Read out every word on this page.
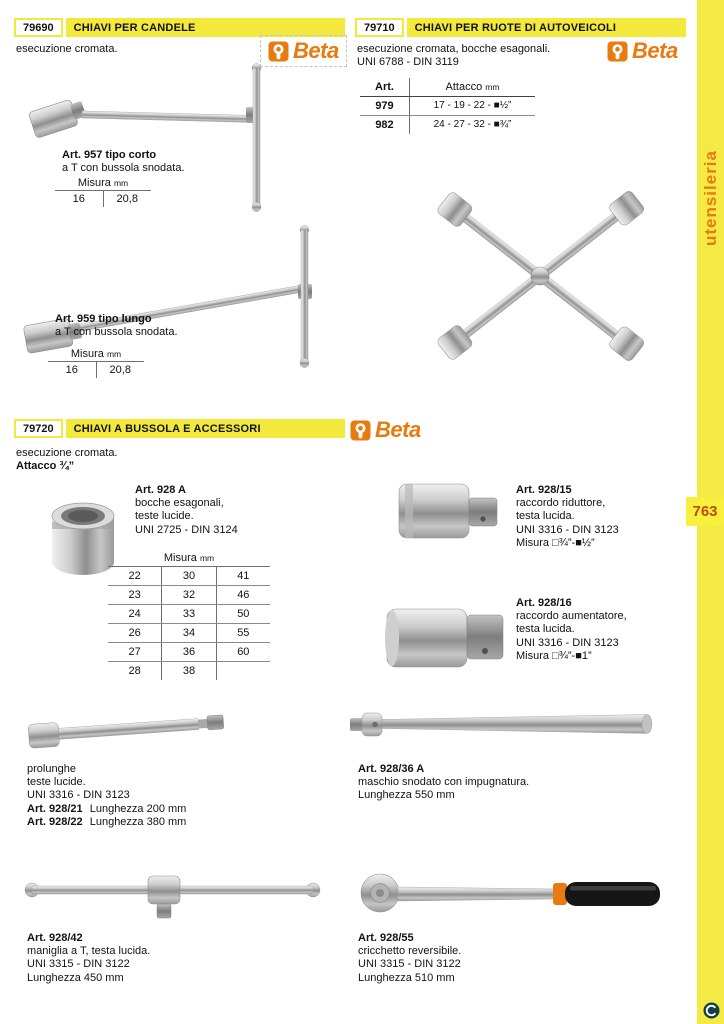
utensileria
763
79690	CHIAVI PER CANDELE
esecuzione cromata.	Beta
Art. 957 tipo corto
a T con bussola snodata.
Misura mm
16	20,8
Art. 959 tipo lungo
a T con bussola snodata.
Misura mm
16	20,8
79710	CHIAVI PER RUOTE DI AUTOVEICOLI
esecuzione cromata, bocche esagonali.
UNI 6788 - DIN 3119	Beta
Art.	Attacco mm
979	17 - 19 - 22 - ■½”
982	24 - 27 - 32 - ■¾”
79720	CHIAVI A BUSSOLA E ACCESSORI	Beta
esecuzione cromata.
Attacco ¾”
Art. 928 A
bocche esagonali,
teste lucide.
UNI 2725 - DIN 3124
Misura mm
22	30	41
23	32	46
24	33	50
26	34	55
27	36	60
28	38
Art. 928/15
raccordo riduttore,
testa lucida.
UNI 3316 - DIN 3123
Misura □¾”-■½”
Art. 928/16
raccordo aumentatore,
testa lucida.
UNI 3316 - DIN 3123
Misura □¾”-■1”
prolunghe
teste lucide.
UNI 3316 - DIN 3123
Art. 928/21 Lunghezza 200 mm
Art. 928/22 Lunghezza 380 mm
Art. 928/36 A
maschio snodato con impugnatura.
Lunghezza 550 mm
Art. 928/42
maniglia a T, testa lucida.
UNI 3315 - DIN 3122
Lunghezza 450 mm
Art. 928/55
cricchetto reversibile.
UNI 3315 - DIN 3122
Lunghezza 510 mm
